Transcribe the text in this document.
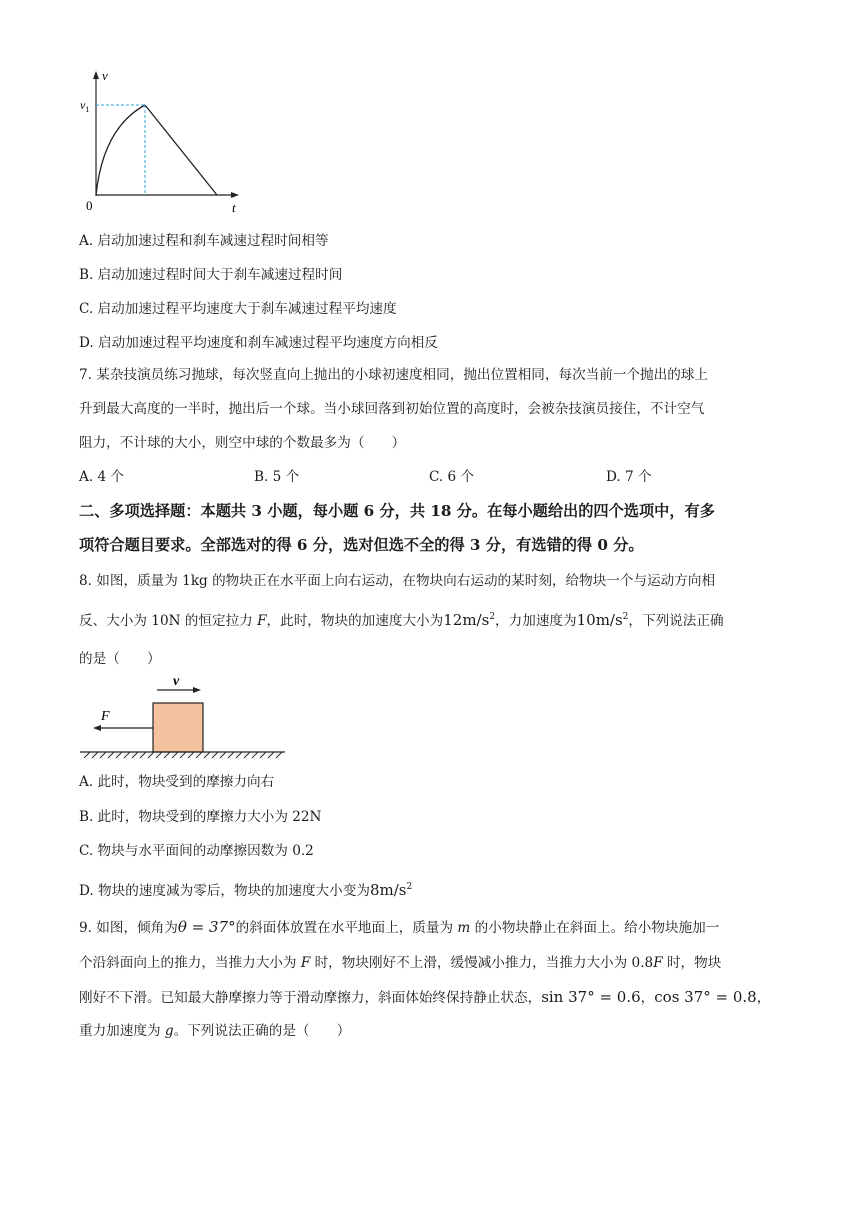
v
t
0
$v_1$
A. 启动加速过程和刹车减速过程时间相等
B. 启动加速过程时间大于刹车减速过程时间
C. 启动加速过程平均速度大于刹车减速过程平均速度
D. 启动加速过程平均速度和刹车减速过程平均速度方向相反
7. 某杂技演员练习抛球，每次竖直向上抛出的小球初速度相同，抛出位置相同，每次当前一个抛出的球上
升到最大高度的一半时，抛出后一个球。当小球回落到初始位置的高度时，会被杂技演员接住，不计空气
阻力，不计球的大小，则空中球的个数最多为（　　）
A. 4 个	B. 5 个	C. 6 个	D. 7 个
二、多项选择题：本题共 3 小题，每小题 6 分，共 18 分。在每小题给出的四个选项中，有多
项符合题目要求。全部选对的得 6 分，选对但选不全的得 3 分，有选错的得 0 分。
8. 如图，质量为 1kg 的物块正在水平面上向右运动，在物块向右运动的某时刻，给物块一个与运动方向相
反、大小为 10N 的恒定拉力 F，此时，物块的加速度大小为$12m/s^2$，力加速度为$10m/s^2$，下列说法正确
的是（　　）
v
F
A. 此时，物块受到的摩擦力向右
B. 此时，物块受到的摩擦力大小为 22N
C. 物块与水平面间的动摩擦因数为 0.2
D. 物块的速度减为零后，物块的加速度大小变为$8m/s^2$
9. 如图，倾角为θ = 37°的斜面体放置在水平地面上，质量为 m 的小物块静止在斜面上。给小物块施加一
个沿斜面向上的推力，当推力大小为 F 时，物块刚好不上滑，缓慢减小推力，当推力大小为 0.8F 时，物块
刚好不下滑。已知最大静摩擦力等于滑动摩擦力，斜面体始终保持静止状态，sin 37° = 0.6，cos 37° = 0.8，
重力加速度为 g。下列说法正确的是（　　）
